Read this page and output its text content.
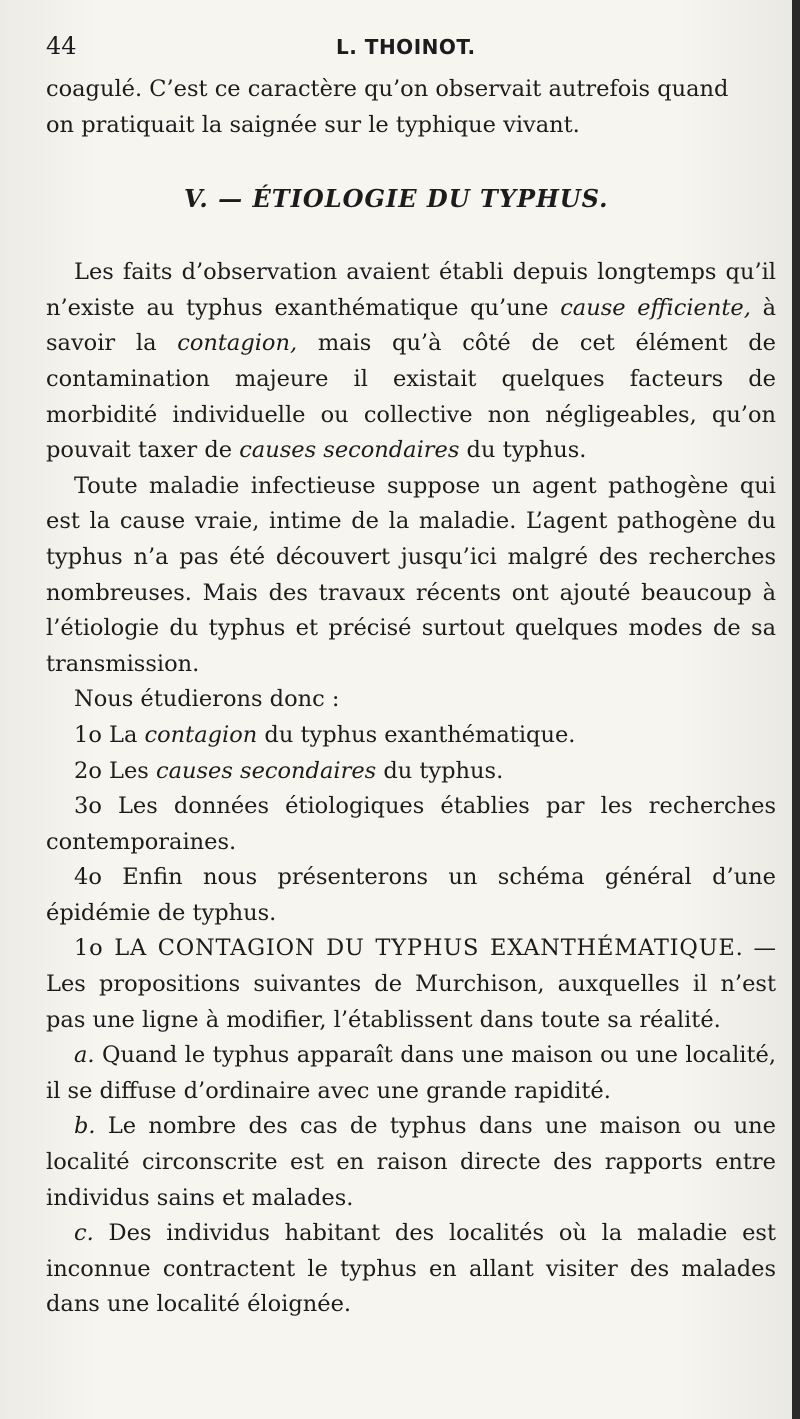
44	L. THOINOT.

coagulé. C’est ce caractère qu’on observait autrefois quand

on pratiquait la saignée sur le typhique vivant.

V. — ÉTIOLOGIE DU TYPHUS.

Les faits d’observation avaient établi depuis longtemps qu’il n’existe au typhus exanthématique qu’une cause efficiente, à savoir la contagion, mais qu’à côté de cet élément de contamination majeure il existait quelques facteurs de morbidité individuelle ou collective non négligeables, qu’on pouvait taxer de causes secondaires du typhus.

Toute maladie infectieuse suppose un agent pathogène qui est la cause vraie, intime de la maladie. L’agent pathogène du typhus n’a pas été découvert jusqu’ici malgré des recherches nombreuses. Mais des travaux récents ont ajouté beaucoup à l’étiologie du typhus et précisé surtout quelques modes de sa transmission.

Nous étudierons donc :

1o La contagion du typhus exanthématique.

2o Les causes secondaires du typhus.

3o Les données étiologiques établies par les recherches contemporaines.

4o Enfin nous présenterons un schéma général d’une épidémie de typhus.

1o LA CONTAGION DU TYPHUS EXANTHÉMATIQUE. — Les propositions suivantes de Murchison, auxquelles il n’est pas une ligne à modifier, l’établissent dans toute sa réalité.

a. Quand le typhus apparaît dans une maison ou une localité, il se diffuse d’ordinaire avec une grande rapidité.

b. Le nombre des cas de typhus dans une maison ou une localité circonscrite est en raison directe des rapports entre individus sains et malades.

c. Des individus habitant des localités où la maladie est inconnue contractent le typhus en allant visiter des malades dans une localité éloignée.
